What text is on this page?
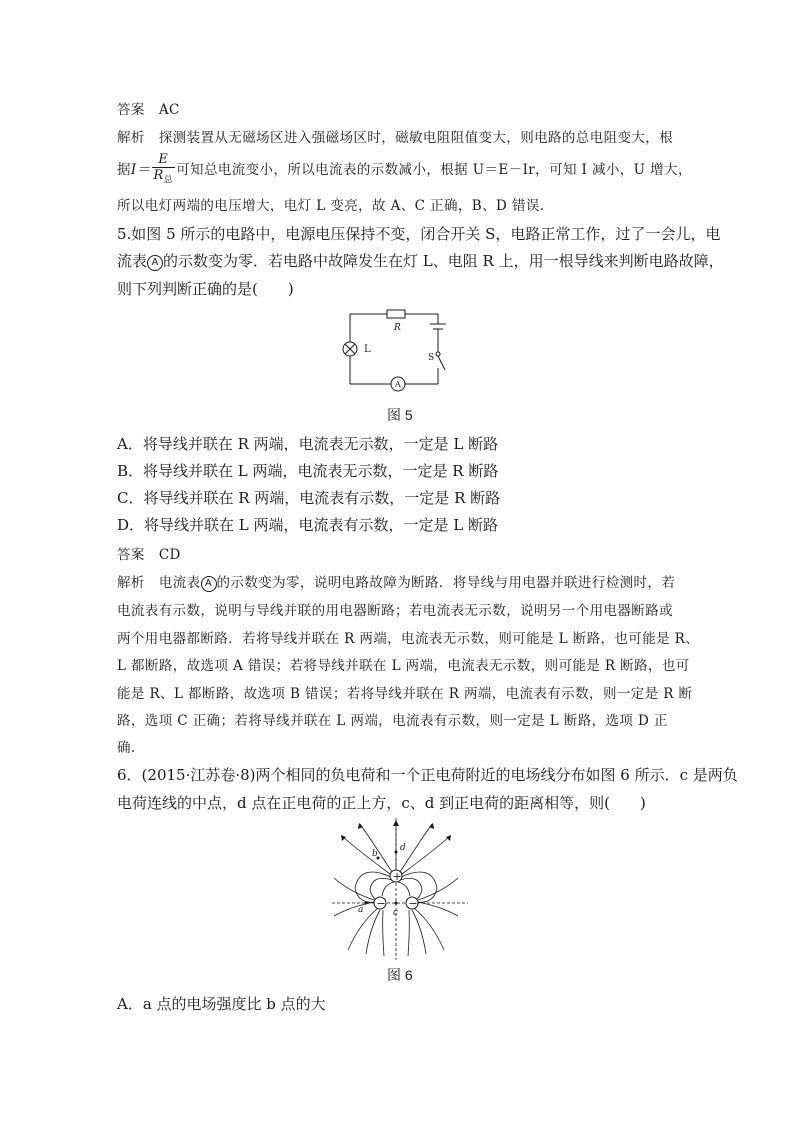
答案 AC
解析 探测装置从无磁场区进入强磁场区时，磁敏电阻阻值变大，则电路的总电阻变大，根
据$I= \frac{E}{R_总}$ 可知总电流变小，所以电流表的示数减小，根据 U＝E－Ir，可知 I 减小，U 增大，
所以电灯两端的电压增大，电灯 L 变亮，故 A、C 正确，B、D 错误.
5.如图 5 所示的电路中，电源电压保持不变，闭合开关 S，电路正常工作，过了一会儿，电
流表 A 的示数变为零．若电路中故障发生在灯 L、电阻 R 上，用一根导线来判断电路故障，
则下列判断正确的是(　　)
R
L
S
A
图 5
A．将导线并联在 R 两端，电流表无示数，一定是 L 断路
B．将导线并联在 L 两端，电流表无示数，一定是 R 断路
C．将导线并联在 R 两端，电流表有示数，一定是 R 断路
D．将导线并联在 L 两端，电流表有示数，一定是 L 断路
答案 CD
解析 电流表 A 的示数变为零，说明电路故障为断路．将导线与用电器并联进行检测时，若
电流表有示数，说明与导线并联的用电器断路；若电流表无示数，说明另一个用电器断路或
两个用电器都断路．若将导线并联在 R 两端，电流表无示数，则可能是 L 断路，也可能是 R、
L 都断路，故选项 A 错误；若将导线并联在 L 两端，电流表无示数，则可能是 R 断路，也可
能是 R、L 都断路，故选项 B 错误；若将导线并联在 R 两端，电流表有示数，则一定是 R 断
路，选项 C 正确；若将导线并联在 L 两端，电流表有示数，则一定是 L 断路，选项 D 正
确.
6．(2015·江苏卷·8)两个相同的负电荷和一个正电荷附近的电场线分布如图 6 所示．c 是两负
电荷连线的中点，d 点在正电荷的正上方，c、d 到正电荷的距离相等，则(　　)
+
− −
d
b
a	c
图 6
A．a 点的电场强度比 b 点的大
